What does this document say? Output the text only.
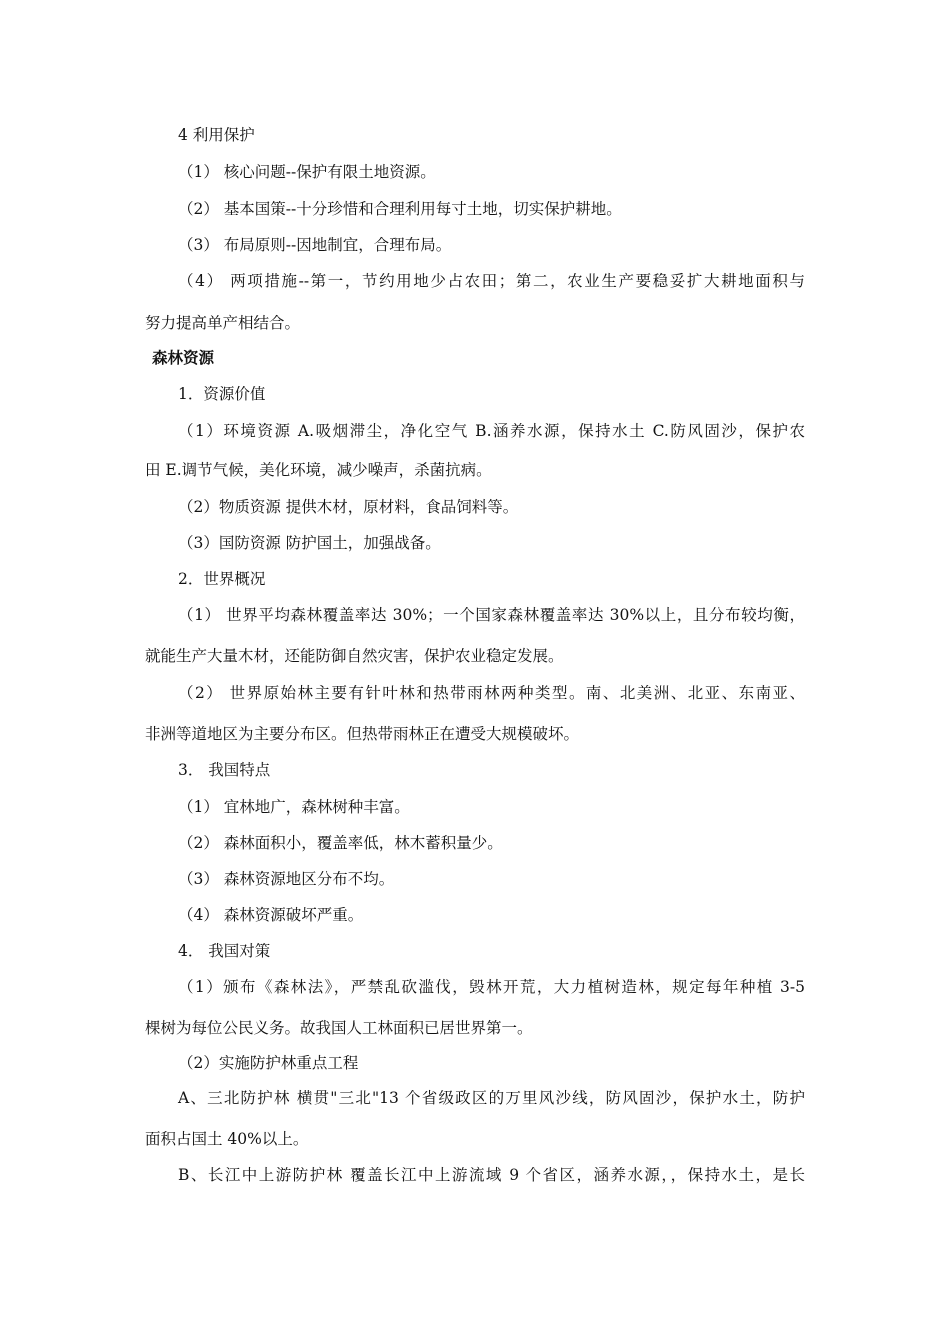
4 利用保护
（1） 核心问题--保护有限土地资源。
（2） 基本国策--十分珍惜和合理利用每寸土地，切实保护耕地。
（3） 布局原则--因地制宜，合理布局。
（4） 两项措施--第一，节约用地少占农田；第二，农业生产要稳妥扩大耕地面积与
努力提高单产相结合。
森林资源
1．资源价值
（1）环境资源 A.吸烟滞尘，净化空气 B.涵养水源，保持水土 C.防风固沙，保护农
田 E.调节气候，美化环境，减少噪声，杀菌抗病。
（2）物质资源 提供木材，原材料，食品饲料等。
（3）国防资源 防护国土，加强战备。
2．世界概况
（1） 世界平均森林覆盖率达 30%；一个国家森林覆盖率达 30%以上，且分布较均衡，
就能生产大量木材，还能防御自然灾害，保护农业稳定发展。
（2） 世界原始林主要有针叶林和热带雨林两种类型。南、北美洲、北亚、东南亚、
非洲等道地区为主要分布区。但热带雨林正在遭受大规模破坏。
3． 我国特点
（1） 宜林地广，森林树种丰富。
（2） 森林面积小，覆盖率低，林木蓄积量少。
（3） 森林资源地区分布不均。
（4） 森林资源破坏严重。
4． 我国对策
（1）颁布《森林法》，严禁乱砍滥伐，毁林开荒，大力植树造林，规定每年种植 3-5
棵树为每位公民义务。故我国人工林面积已居世界第一。
（2）实施防护林重点工程
A、三北防护林 横贯"三北"13 个省级政区的万里风沙线，防风固沙，保护水土，防护
面积占国土 40%以上。
B、长江中上游防护林 覆盖长江中上游流域 9 个省区，涵养水源，，保持水土，是长
